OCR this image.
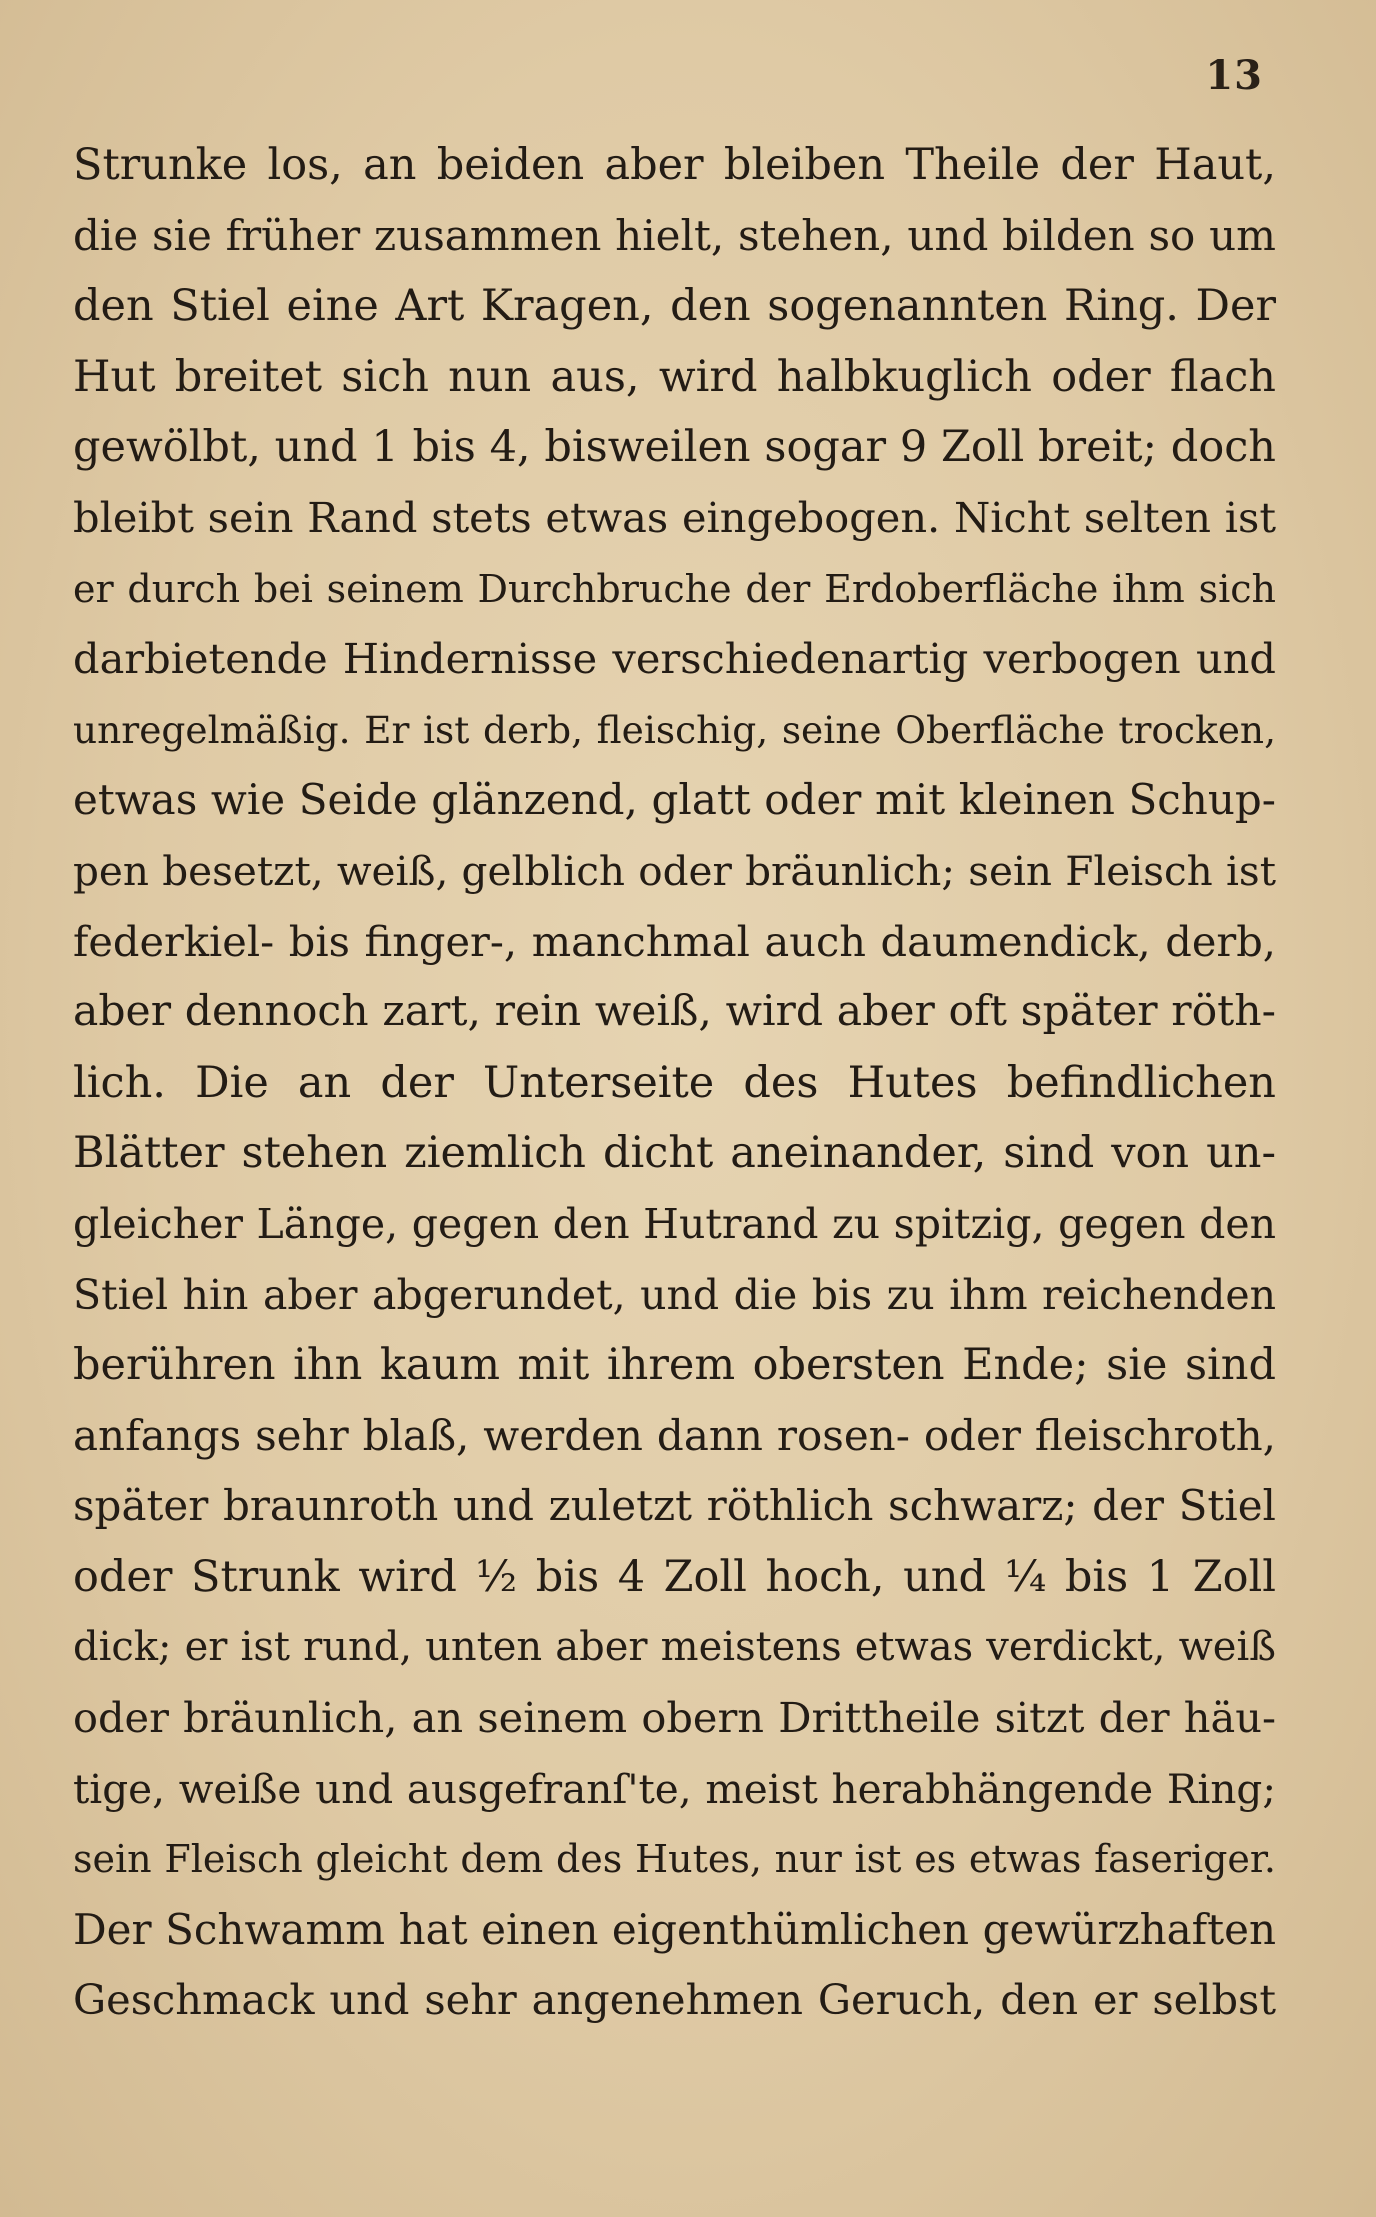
13
Strunke los, an beiden aber bleiben Theile der Haut,
die sie früher zusammen hielt, stehen, und bilden so um
den Stiel eine Art Kragen, den sogenannten Ring. Der
Hut breitet sich nun aus, wird halbkuglich oder flach
gewölbt, und 1 bis 4, bisweilen sogar 9 Zoll breit; doch
bleibt sein Rand stets etwas eingebogen. Nicht selten ist
er durch bei seinem Durchbruche der Erdoberfläche ihm sich
darbietende Hindernisse verschiedenartig verbogen und
unregelmäßig. Er ist derb, fleischig, seine Oberfläche trocken,
etwas wie Seide glänzend, glatt oder mit kleinen Schup-
pen besetzt, weiß, gelblich oder bräunlich; sein Fleisch ist
federkiel- bis finger-, manchmal auch daumendick, derb,
aber dennoch zart, rein weiß, wird aber oft später röth-
lich. Die an der Unterseite des Hutes befindlichen
Blätter stehen ziemlich dicht aneinander, sind von un-
gleicher Länge, gegen den Hutrand zu spitzig, gegen den
Stiel hin aber abgerundet, und die bis zu ihm reichenden
berühren ihn kaum mit ihrem obersten Ende; sie sind
anfangs sehr blaß, werden dann rosen- oder fleischroth,
später braunroth und zuletzt röthlich schwarz; der Stiel
oder Strunk wird ½ bis 4 Zoll hoch, und ¼ bis 1 Zoll
dick; er ist rund, unten aber meistens etwas verdickt, weiß
oder bräunlich, an seinem obern Drittheile sitzt der häu-
tige, weiße und ausgefranſ'te, meist herabhängende Ring;
sein Fleisch gleicht dem des Hutes, nur ist es etwas faseriger.
Der Schwamm hat einen eigenthümlichen gewürzhaften
Geschmack und sehr angenehmen Geruch, den er selbst
